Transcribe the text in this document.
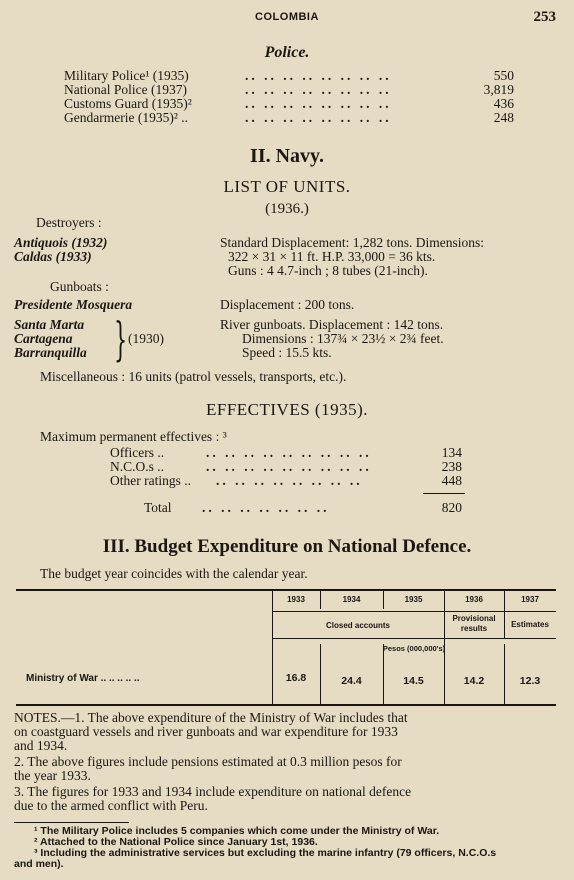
COLOMBIA	253
Police.
Military Police¹ (1935)	.. .. .. .. .. .. .. ..	550
National Police (1937)	.. .. .. .. .. .. .. ..	3,819
Customs Guard (1935)²	.. .. .. .. .. .. .. ..	436
Gendarmerie (1935)² ..	.. .. .. .. .. .. .. ..	248
II. Navy.
LIST OF UNITS.
(1936.)
Destroyers :
Antiquois (1932)
Caldas (1933)
Standard Displacement: 1,282 tons. Dimensions:
322 × 31 × 11 ft. H.P. 33,000 = 36 kts.
Guns : 4 4.7-inch ; 8 tubes (21-inch).
Gunboats :
Presidente Mosquera	Displacement : 200 tons.
Santa Marta
Cartagena
Barranquilla } (1930)
River gunboats. Displacement : 142 tons.
Dimensions : 137¾ × 23½ × 2¾ feet.
Speed : 15.5 kts.
Miscellaneous : 16 units (patrol vessels, transports, etc.).
EFFECTIVES (1935).
Maximum permanent effectives : ³
Officers ..	.. .. .. .. .. .. .. .. ..	134
N.C.O.s ..	.. .. .. .. .. .. .. .. ..	238
Other ratings .. .. .. .. .. .. .. .. ..	448
Total .. .. .. .. .. .. ..	820
III. Budget Expenditure on National Defence.
The budget year coincides with the calendar year.
1933	1934	1935	1936	1937
Closed accounts
Provisional
results	Estimates
Pesos (000,000's)
Ministry of War .. .. .. .. ..	16.8	24.4	14.5	14.2	12.3
NOTES.—1. The above expenditure of the Ministry of War includes that
on coastguard vessels and river gunboats and war expenditure for 1933
and 1934.
2. The above figures include pensions estimated at 0.3 million pesos for
the year 1933.
3. The figures for 1933 and 1934 include expenditure on national defence
due to the armed conflict with Peru.
¹ The Military Police includes 5 companies which come under the Ministry of War.
² Attached to the National Police since January 1st, 1936.
³ Including the administrative services but excluding the marine infantry (79 officers, N.C.O.s
and men).
